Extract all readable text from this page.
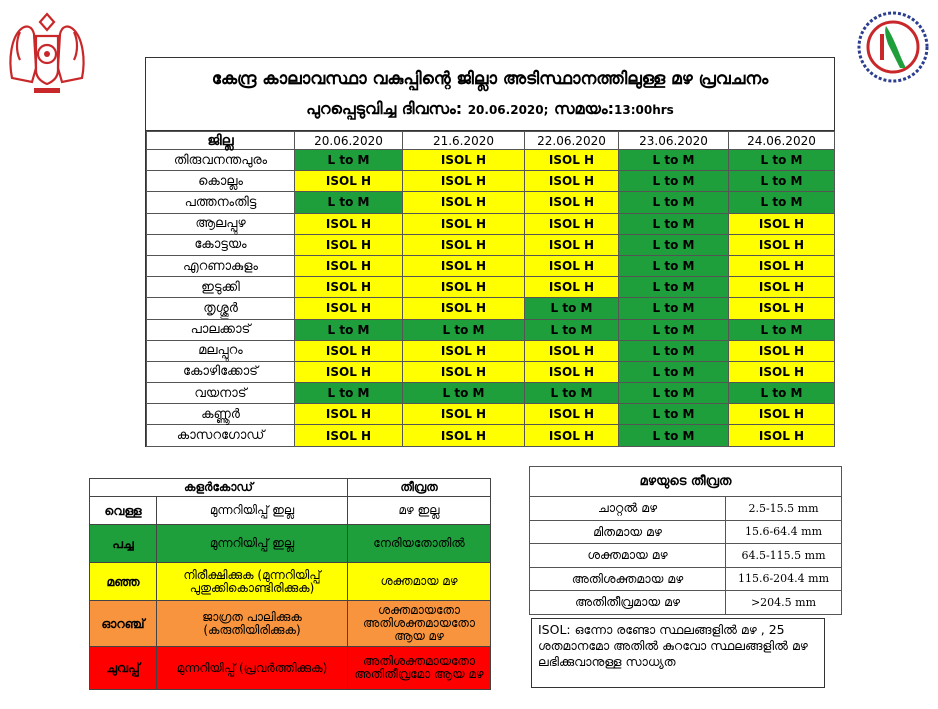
കേന്ദ്ര കാലാവസ്ഥാ വകുപ്പിന്റെ ജില്ലാ അടിസ്ഥാനത്തിലുള്ള മഴ പ്രവചനം
പുറപ്പെടുവിച്ച ദിവസം: 20.06.2020; സമയം:13:00hrs
ജില്ല	20.06.2020	21.6.2020	22.06.2020	23.06.2020	24.06.2020
തിരുവനന്തപുരം	L to M	ISOL H	ISOL H	L to M	L to M
കൊല്ലം	ISOL H	ISOL H	ISOL H	L to M	L to M
പത്തനംതിട്ട	L to M	ISOL H	ISOL H	L to M	L to M
ആലപ്പുഴ	ISOL H	ISOL H	ISOL H	L to M	ISOL H
കോട്ടയം	ISOL H	ISOL H	ISOL H	L to M	ISOL H
എറണാകുളം	ISOL H	ISOL H	ISOL H	L to M	ISOL H
ഇടുക്കി	ISOL H	ISOL H	ISOL H	L to M	ISOL H
തൃശ്ശൂർ	ISOL H	ISOL H	L to M	L to M	ISOL H
പാലക്കാട്	L to M	L to M	L to M	L to M	L to M
മലപ്പുറം	ISOL H	ISOL H	ISOL H	L to M	ISOL H
കോഴിക്കോട്	ISOL H	ISOL H	ISOL H	L to M	ISOL H
വയനാട്	L to M	L to M	L to M	L to M	L to M
കണ്ണൂർ	ISOL H	ISOL H	ISOL H	L to M	ISOL H
കാസറഗോഡ്	ISOL H	ISOL H	ISOL H	L to M	ISOL H
കളർകോഡ്		തീവ്രത
വെള്ള	മുന്നറിയിപ്പ് ഇല്ല	മഴ ഇല്ല
പച്ച	മുന്നറിയിപ്പ് ഇല്ല	നേരിയതോതിൽ
മഞ്ഞ	നിരീക്ഷിക്കുക (മുന്നറിയിപ്പ് പുതുക്കികൊണ്ടിരിക്കുക)	ശക്തമായ മഴ
ഓറഞ്ച്	ജാഗ്രത പാലിക്കുക (കരുതിയിരിക്കുക)	ശക്തമായതോ അതിശക്തമായതോ ആയ മഴ
ചുവപ്പ്	മുന്നറിയിപ്പ് (പ്രവർത്തിക്കുക)	അതിശക്തമായതോ അതിതീവ്രമോ ആയ മഴ
മഴയുടെ തീവ്രത	
ചാറ്റൽ മഴ	2.5-15.5 mm
മിതമായ മഴ	15.6-64.4 mm
ശക്തമായ മഴ	64.5-115.5 mm
അതിശക്തമായ മഴ	115.6-204.4 mm
അതിതീവ്രമായ മഴ	>204.5 mm
ISOL: ഒന്നോ രണ്ടോ സ്ഥലങ്ങളിൽ മഴ , 25 ശതമാനമോ അതിൽ കുറവോ സ്ഥലങ്ങളിൽ മഴ ലഭിക്കുവാനുള്ള സാധ്യത
